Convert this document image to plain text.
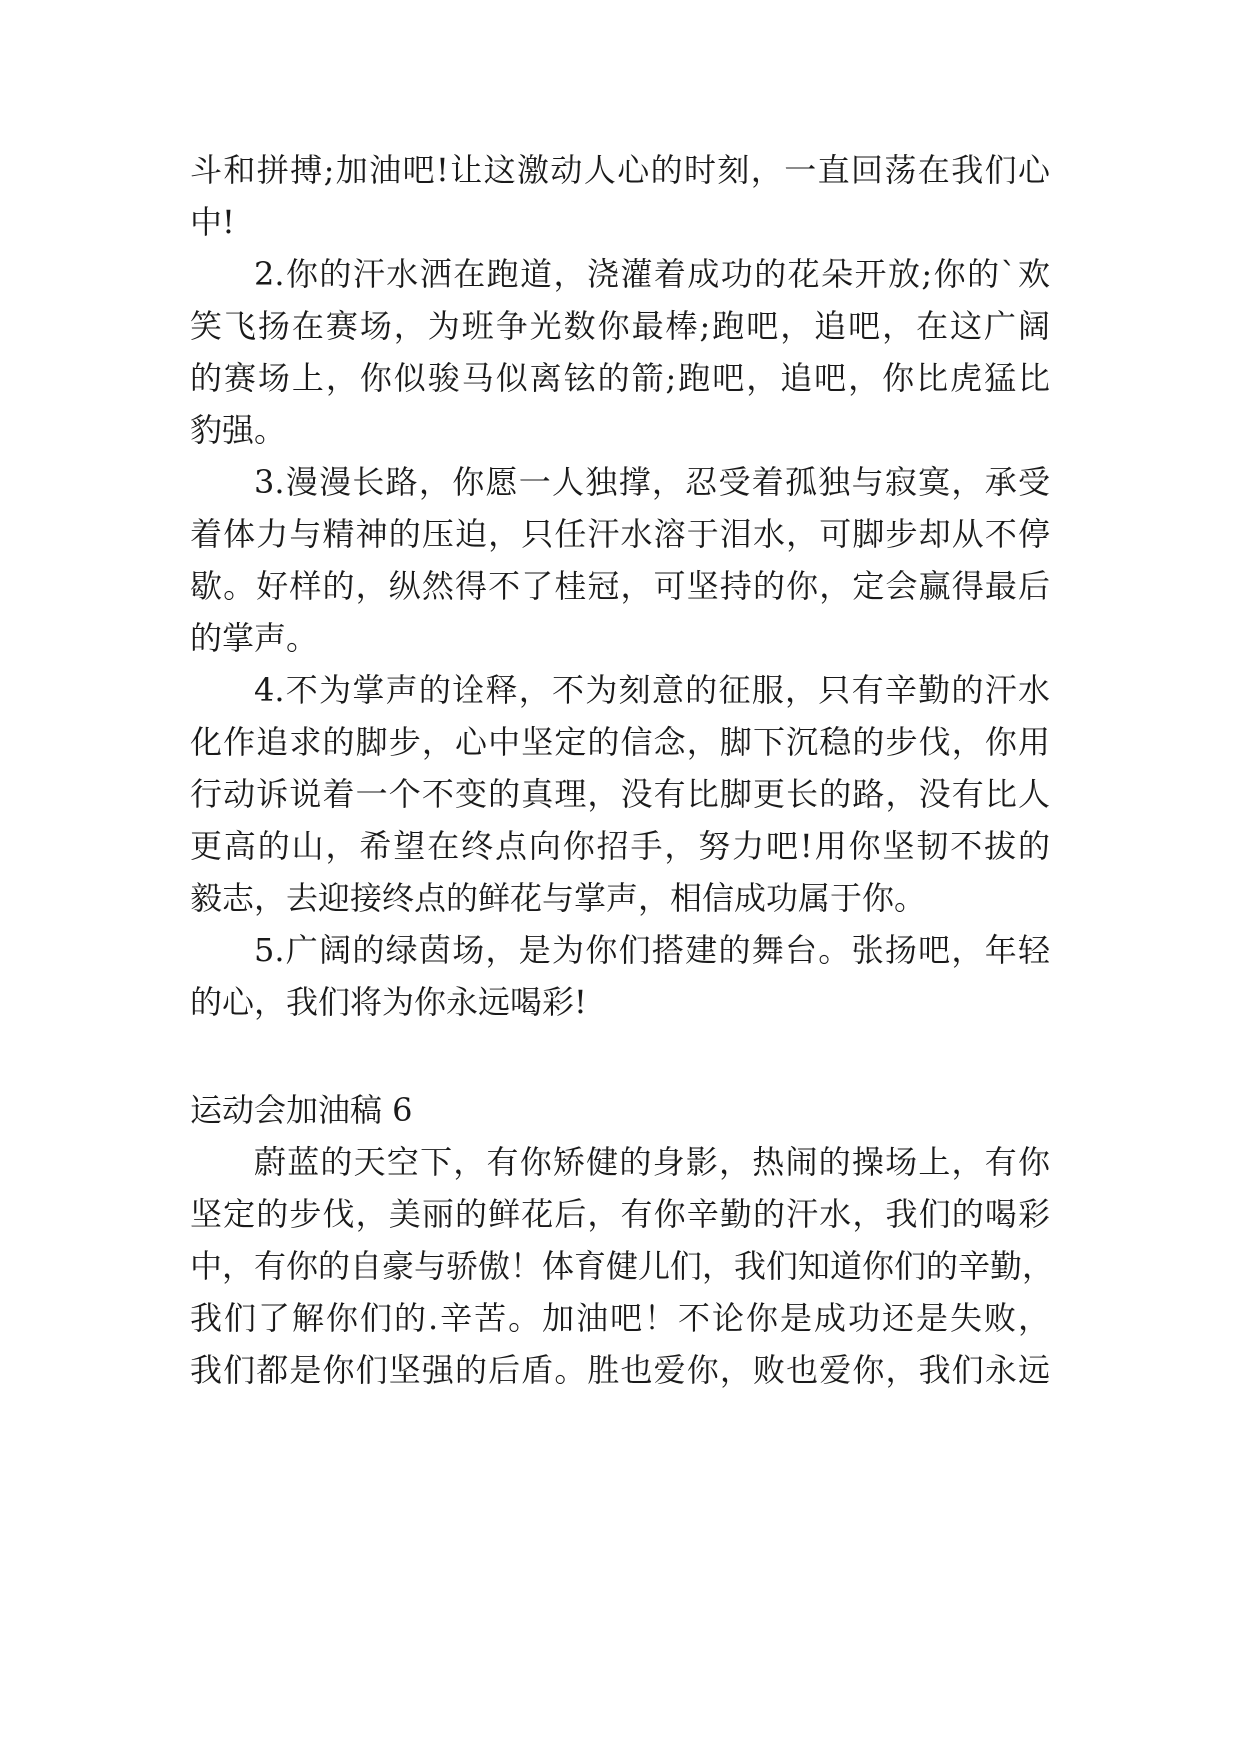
斗和拼搏;加油吧!让这激动人心的时刻，一直回荡在我们心
中!
2.你的汗水洒在跑道，浇灌着成功的花朵开放;你的`欢
笑飞扬在赛场，为班争光数你最棒;跑吧，追吧，在这广阔
的赛场上，你似骏马似离铉的箭;跑吧，追吧，你比虎猛比
豹强。
3.漫漫长路，你愿一人独撑，忍受着孤独与寂寞，承受
着体力与精神的压迫，只任汗水溶于泪水，可脚步却从不停
歇。好样的，纵然得不了桂冠，可坚持的你，定会赢得最后
的掌声。
4.不为掌声的诠释，不为刻意的征服，只有辛勤的汗水
化作追求的脚步，心中坚定的信念，脚下沉稳的步伐，你用
行动诉说着一个不变的真理，没有比脚更长的路，没有比人
更高的山，希望在终点向你招手，努力吧!用你坚韧不拔的
毅志，去迎接终点的鲜花与掌声，相信成功属于你。
5.广阔的绿茵场，是为你们搭建的舞台。张扬吧，年轻
的心，我们将为你永远喝彩!
运动会加油稿 6
蔚蓝的天空下，有你矫健的身影，热闹的操场上，有你
坚定的步伐，美丽的鲜花后，有你辛勤的汗水，我们的喝彩
中，有你的自豪与骄傲！体育健儿们，我们知道你们的辛勤，
我们了解你们的.辛苦。加油吧！不论你是成功还是失败，
我们都是你们坚强的后盾。胜也爱你，败也爱你，我们永远
